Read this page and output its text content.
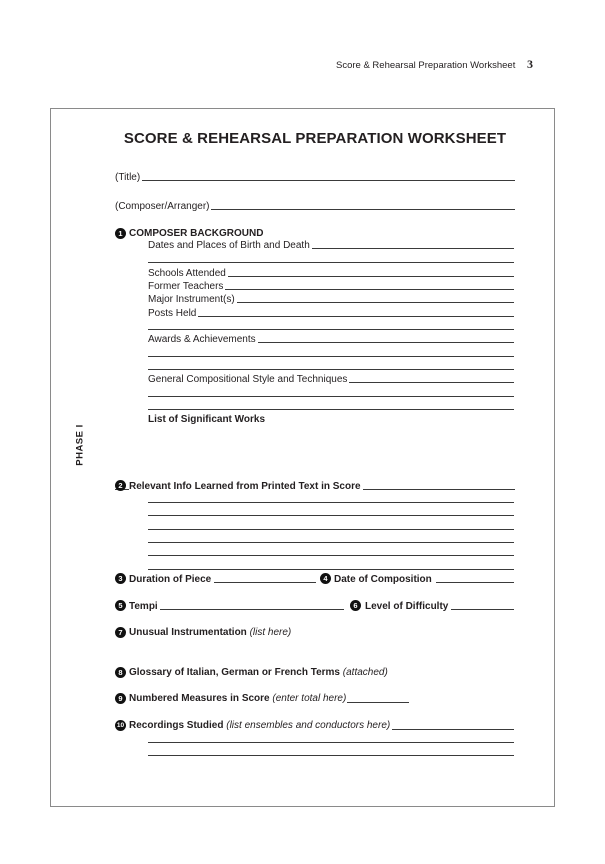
Score & Rehearsal Preparation Worksheet 3
SCORE & REHEARSAL PREPARATION WORKSHEET
PHASE I
(Title)
(Composer/Arranger)
1 COMPOSER BACKGROUND
Dates and Places of Birth and Death
Schools Attended
Former Teachers
Major Instrument(s)
Posts Held
Awards & Achievements
General Compositional Style and Techniques
List of Significant Works
2 Relevant Info Learned from Printed Text in Score
3 Duration of Piece	4 Date of Composition
5 Tempi	6 Level of Difficulty
7 Unusual Instrumentation (list here)
8 Glossary of Italian, German or French Terms (attached)
9 Numbered Measures in Score (enter total here)
10 Recordings Studied (list ensembles and conductors here)
